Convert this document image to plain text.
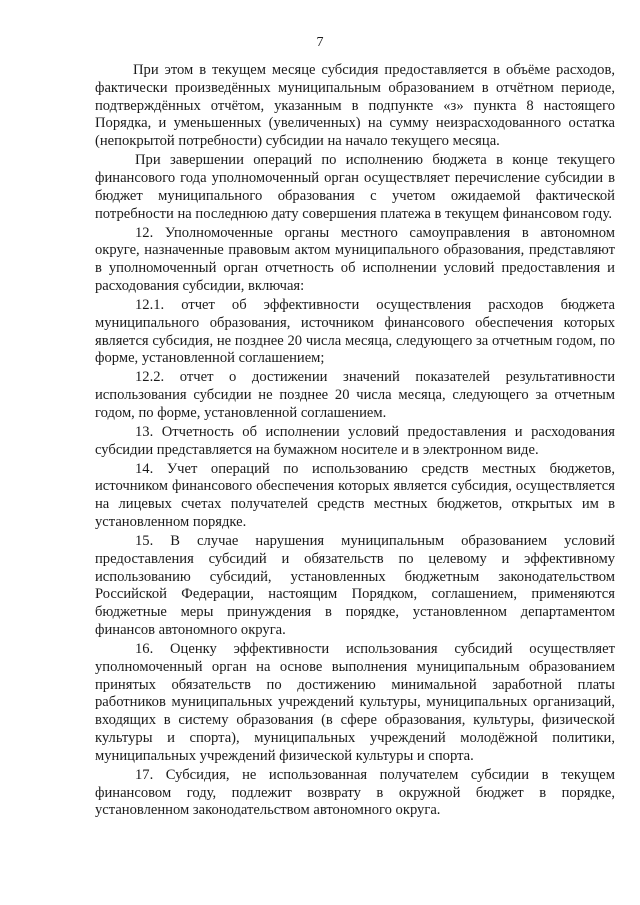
7

При этом в текущем месяце субсидия предоставляется в объёме расходов, фактически произведённых муниципальным образованием в отчётном периоде, подтверждённых отчётом, указанным в подпункте «з» пункта 8 настоящего Порядка, и уменьшенных (увеличенных) на сумму неизрасходованного остатка (непокрытой потребности) субсидии на начало текущего месяца.

При завершении операций по исполнению бюджета в конце текущего финансового года уполномоченный орган осуществляет перечисление субсидии в бюджет муниципального образования с учетом ожидаемой фактической потребности на последнюю дату совершения платежа в текущем финансовом году.

12. Уполномоченные органы местного самоуправления в автономном округе, назначенные правовым актом муниципального образования, представляют в уполномоченный орган отчетность об исполнении условий предоставления и расходования субсидии, включая:

12.1. отчет об эффективности осуществления расходов бюджета муниципального образования, источником финансового обеспечения которых является субсидия, не позднее 20 числа месяца, следующего за отчетным годом, по форме, установленной соглашением;

12.2. отчет о достижении значений показателей результативности использования субсидии не позднее 20 числа месяца, следующего за отчетным годом, по форме, установленной соглашением.

13. Отчетность об исполнении условий предоставления и расходования субсидии представляется на бумажном носителе и в электронном виде.

14. Учет операций по использованию средств местных бюджетов, источником финансового обеспечения которых является субсидия, осуществляется на лицевых счетах получателей средств местных бюджетов, открытых им в установленном порядке.

15. В случае нарушения муниципальным образованием условий предоставления субсидий и обязательств по целевому и эффективному использованию субсидий, установленных бюджетным законодательством Российской Федерации, настоящим Порядком, соглашением, применяются бюджетные меры принуждения в порядке, установленном департаментом финансов автономного округа.

16. Оценку эффективности использования субсидий осуществляет уполномоченный орган на основе выполнения муниципальным образованием принятых обязательств по достижению минимальной заработной платы работников муниципальных учреждений культуры, муниципальных организаций, входящих в систему образования (в сфере образования, культуры, физической культуры и спорта), муниципальных учреждений молодёжной политики, муниципальных учреждений физической культуры и спорта.

17. Субсидия, не использованная получателем субсидии в текущем финансовом году, подлежит возврату в окружной бюджет в порядке, установленном законодательством автономного округа.
